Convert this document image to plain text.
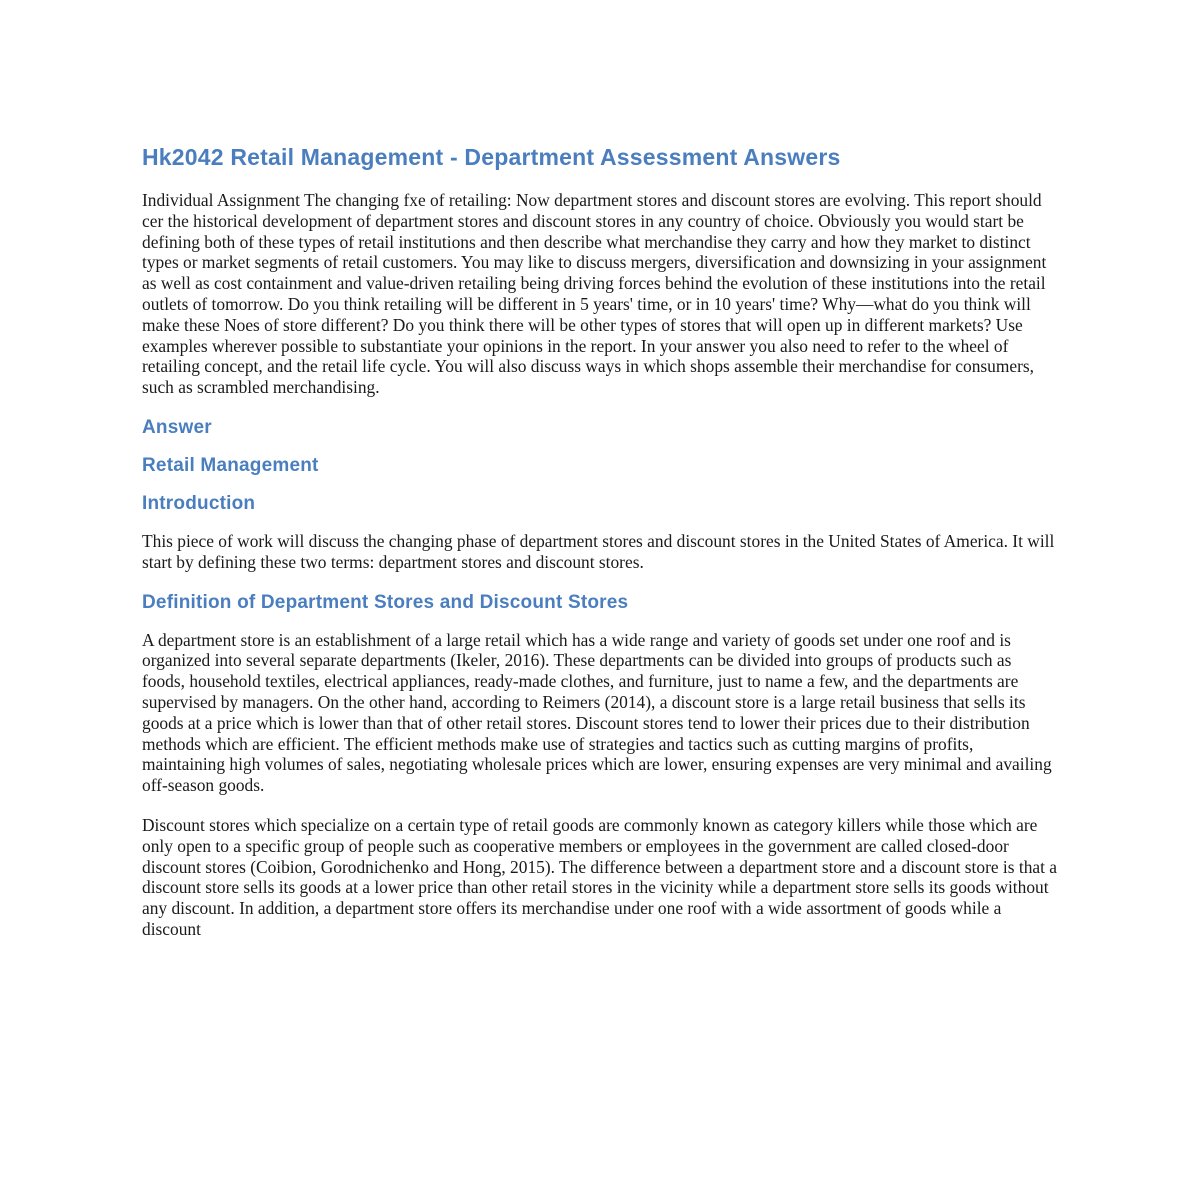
Hk2042 Retail Management - Department Assessment Answers

Individual Assignment The changing fxe of retailing: Now department stores and discount stores are evolving. This report should cer the historical development of department stores and discount stores in any country of choice. Obviously you would start be defining both of these types of retail institutions and then describe what merchandise they carry and how they market to distinct types or market segments of retail customers. You may like to discuss mergers, diversification and downsizing in your assignment as well as cost containment and value-driven retailing being driving forces behind the evolution of these institutions into the retail outlets of tomorrow. Do you think retailing will be different in 5 years' time, or in 10 years' time? Why—what do you think will make these Noes of store different? Do you think there will be other types of stores that will open up in different markets? Use examples wherever possible to substantiate your opinions in the report. In your answer you also need to refer to the wheel of retailing concept, and the retail life cycle. You will also discuss ways in which shops assemble their merchandise for consumers, such as scrambled merchandising.

Answer
Retail Management
Introduction

This piece of work will discuss the changing phase of department stores and discount stores in the United States of America. It will start by defining these two terms: department stores and discount stores.

Definition of Department Stores and Discount Stores

A department store is an establishment of a large retail which has a wide range and variety of goods set under one roof and is organized into several separate departments (Ikeler, 2016). These departments can be divided into groups of products such as foods, household textiles, electrical appliances, ready-made clothes, and furniture, just to name a few, and the departments are supervised by managers. On the other hand, according to Reimers (2014), a discount store is a large retail business that sells its goods at a price which is lower than that of other retail stores. Discount stores tend to lower their prices due to their distribution methods which are efficient. The efficient methods make use of strategies and tactics such as cutting margins of profits, maintaining high volumes of sales, negotiating wholesale prices which are lower, ensuring expenses are very minimal and availing off-season goods.

Discount stores which specialize on a certain type of retail goods are commonly known as category killers while those which are only open to a specific group of people such as cooperative members or employees in the government are called closed-door discount stores (Coibion, Gorodnichenko and Hong, 2015). The difference between a department store and a discount store is that a discount store sells its goods at a lower price than other retail stores in the vicinity while a department store sells its goods without any discount. In addition, a department store offers its merchandise under one roof with a wide assortment of goods while a discount
